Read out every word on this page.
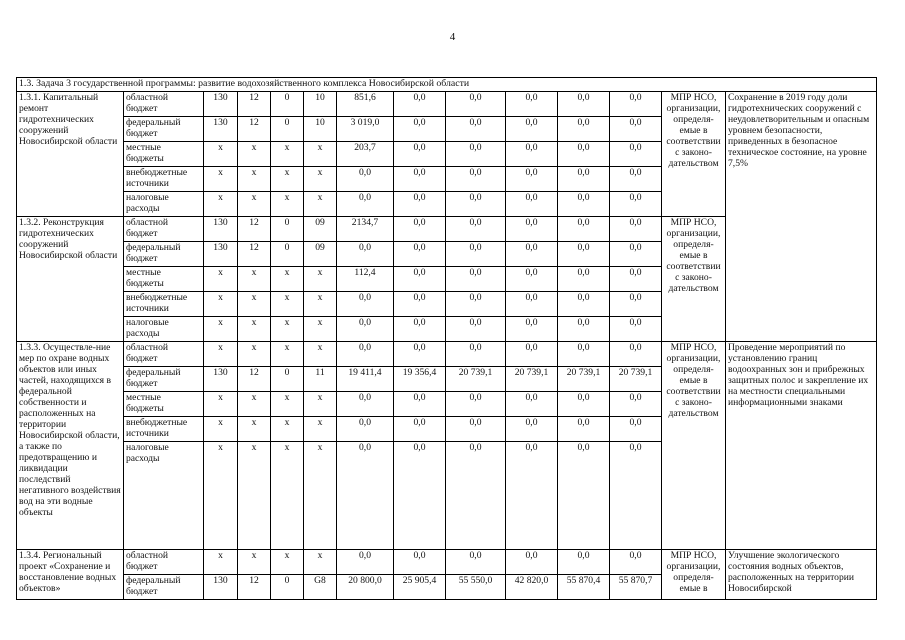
4
1.3. Задача 3 государственной программы: развитие водохозяйственного комплекса Новосибирской области													
1.3.1. Капитальный ремонт гидротехнических сооружений Новосибирской области	областной бюджет	130	12	0	10	851,6	0,0	0,0	0,0	0,0	0,0	МПР НСО, организации, определя-емые в соответствии с законо-дательством	Сохранение в 2019 году доли гидротехнических сооружений с неудовлетворительным и опасным уровнем безопасности, приведенных в безопасное техническое состояние, на уровне 7,5%
	федеральный бюджет	130	12	0	10	3 019,0	0,0	0,0	0,0	0,0	0,0		
	местные бюджеты	x	x	x	x	203,7	0,0	0,0	0,0	0,0	0,0		
	внебюджетные источники	x	x	x	x	0,0	0,0	0,0	0,0	0,0	0,0		
	налоговые расходы	x	x	x	x	0,0	0,0	0,0	0,0	0,0	0,0		
1.3.2. Реконструкция гидротехнических сооружений Новосибирской области	областной бюджет	130	12	0	09	2134,7	0,0	0,0	0,0	0,0	0,0	МПР НСО, организации, определя-емые в соответствии с законо-дательством	
	федеральный бюджет	130	12	0	09	0,0	0,0	0,0	0,0	0,0	0,0		
	местные бюджеты	x	x	x	x	112,4	0,0	0,0	0,0	0,0	0,0		
	внебюджетные источники	x	x	x	x	0,0	0,0	0,0	0,0	0,0	0,0		
	налоговые расходы	x	x	x	x	0,0	0,0	0,0	0,0	0,0	0,0		
1.3.3. Осуществле-ние мер по охране водных объектов или иных частей, находящихся в федеральной собственности и расположенных на территории Новосибирской области, а также по предотвращению и ликвидации последствий негативного воздействия вод на эти водные объекты	областной бюджет	x	x	x	x	0,0	0,0	0,0	0,0	0,0	0,0	МПР НСО, организации, определя-емые в соответствии с законо-дательством	Проведение мероприятий по установлению границ водоохранных зон и прибрежных защитных полос и закрепление их на местности специальными информационными знаками
	федеральный бюджет	130	12	0	11	19 411,4	19 356,4	20 739,1	20 739,1	20 739,1	20 739,1		
	местные бюджеты	x	x	x	x	0,0	0,0	0,0	0,0	0,0	0,0		
	внебюджетные источники	x	x	x	x	0,0	0,0	0,0	0,0	0,0	0,0		
	налоговые расходы	x	x	x	x	0,0	0,0	0,0	0,0	0,0	0,0		
1.3.4. Региональный проект «Сохранение и восстановление водных объектов»	областной бюджет	x	x	x	x	0,0	0,0	0,0	0,0	0,0	0,0	МПР НСО, организации, определя-емые в	Улучшение экологического состояния водных объектов, расположенных на территории Новосибирской
	федеральный бюджет	130	12	0	G8	20 800,0	25 905,4	55 550,0	42 820,0	55 870,4	55 870,7		
